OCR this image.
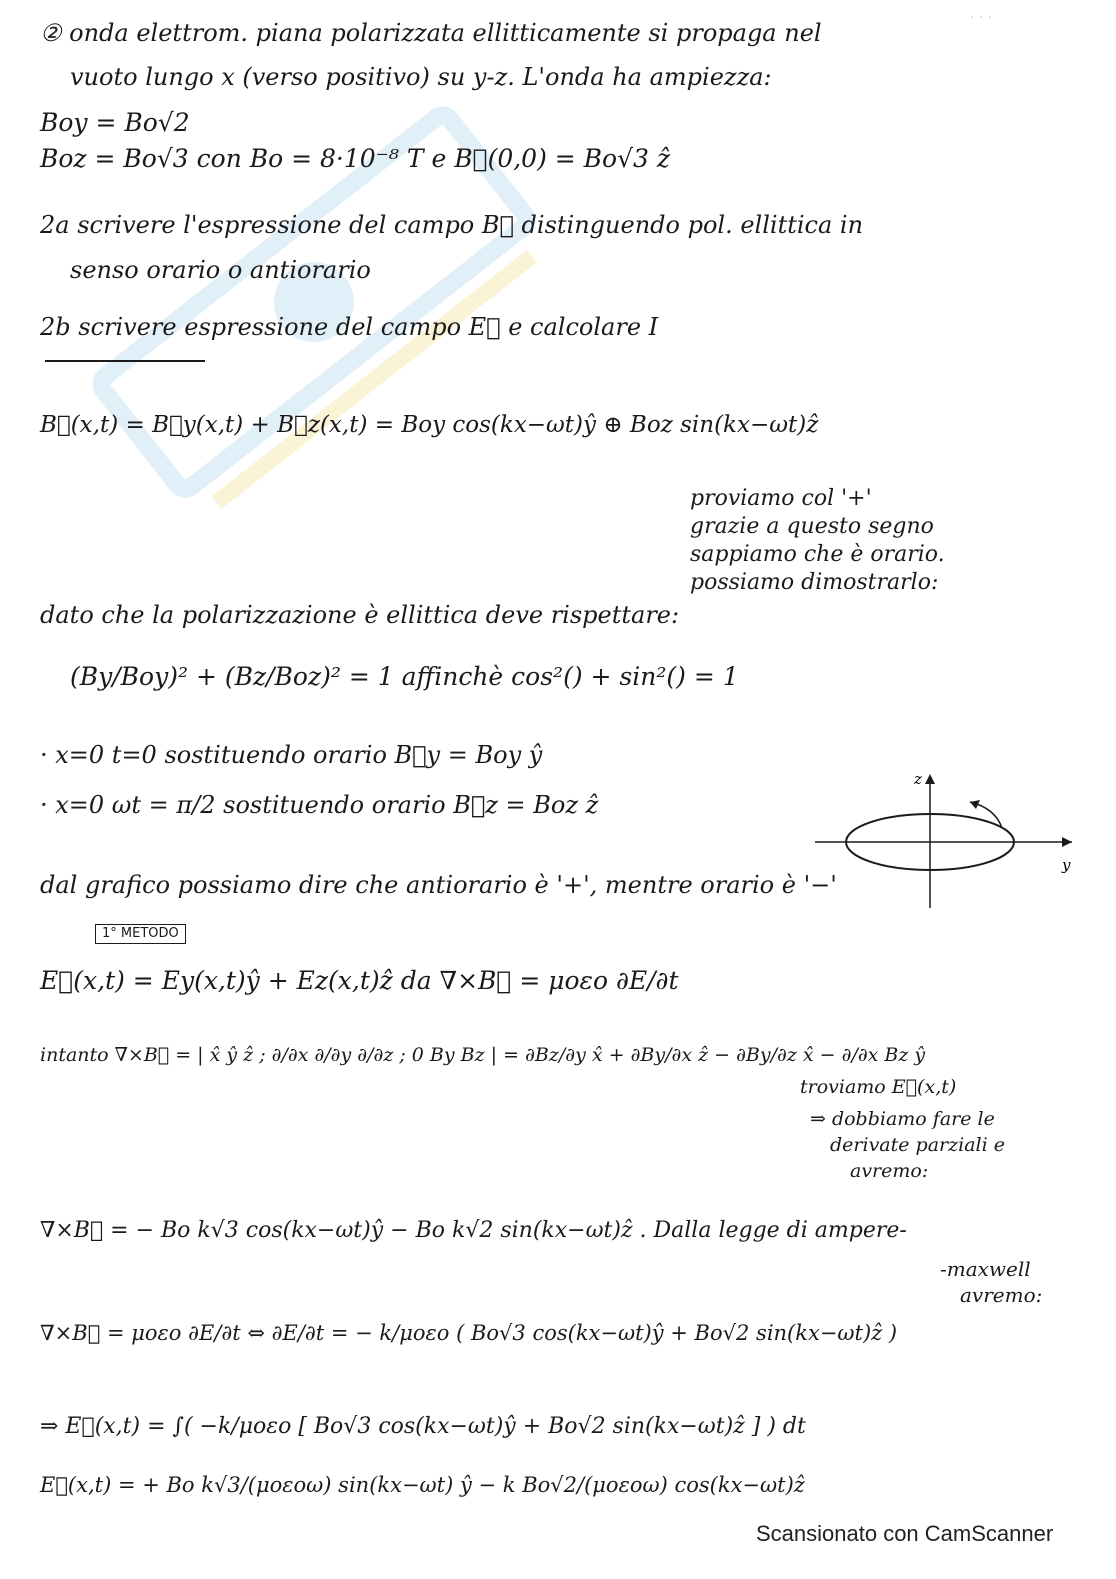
· · ·
② onda elettrom. piana polarizzata ellitticamente si propaga nel
vuoto lungo x (verso positivo) su y-z. L'onda ha ampiezza:
Boy = Bo√2
Boz = Bo√3 con Bo = 8·10⁻⁸ T e B⃗(0,0) = Bo√3 ẑ
2a scrivere l'espressione del campo B⃗ distinguendo pol. ellittica in
senso orario o antiorario
2b scrivere espressione del campo E⃗ e calcolare I
B⃗(x,t) = B⃗y(x,t) + B⃗z(x,t) = Boy cos(kx−ωt)ŷ ⊕ Boz sin(kx−ωt)ẑ
proviamo col '+'
grazie a questo segno
sappiamo che è orario.
possiamo dimostrarlo:
dato che la polarizzazione è ellittica deve rispettare:
(By/Boy)² + (Bz/Boz)² = 1 affinchè cos²() + sin²() = 1
· x=0 t=0 sostituendo orario B⃗y = Boy ŷ
· x=0 ωt = π/2 sostituendo orario B⃗z = Boz ẑ
z
y
dal grafico possiamo dire che antiorario è '+', mentre orario è '−'
1° METODO
E⃗(x,t) = Ey(x,t)ŷ + Ez(x,t)ẑ da ∇×B⃗ = μoεo ∂E/∂t
intanto ∇×B⃗ = | x̂ ŷ ẑ ; ∂/∂x ∂/∂y ∂/∂z ; 0 By Bz | = ∂Bz/∂y x̂ + ∂By/∂x ẑ − ∂By/∂z x̂ − ∂/∂x Bz ŷ
troviamo E⃗(x,t)
⇒ dobbiamo fare le
derivate parziali e
avremo:
∇×B⃗ = − Bo k√3 cos(kx−ωt)ŷ − Bo k√2 sin(kx−ωt)ẑ . Dalla legge di ampere-
-maxwell
avremo:
∇×B⃗ = μoεo ∂E/∂t ⇔ ∂E/∂t = − k/μoεo ( Bo√3 cos(kx−ωt)ŷ + Bo√2 sin(kx−ωt)ẑ )
⇒ E⃗(x,t) = ∫( −k/μoεo [ Bo√3 cos(kx−ωt)ŷ + Bo√2 sin(kx−ωt)ẑ ] ) dt
E⃗(x,t) = + Bo k√3/(μoεoω) sin(kx−ωt) ŷ − k Bo√2/(μoεoω) cos(kx−ωt)ẑ
Scansionato con CamScanner
